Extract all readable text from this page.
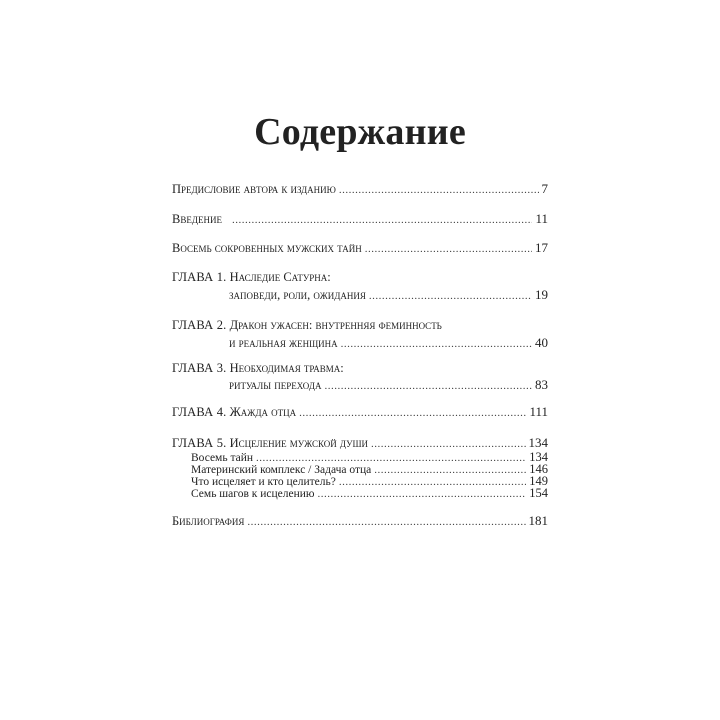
Содержание
Предисловие автора к изданию .....	7
Введение .....	11
Восемь сокровенных мужских тайн .....	17
ГЛАВА 1.
Наследие Сатурна:
заповеди, роли, ожидания .....	19
ГЛАВА 2.
Дракон ужасен: внутренняя феминность
и реальная женщина .....	40
ГЛАВА 3.
Необходимая травма:
ритуалы перехода .....	83
ГЛАВА 4.
Жажда отца .....	111
ГЛАВА 5.
Исцеление мужской души .....	134
Восемь тайн .....	134
Материнский комплекс / Задача отца .....	146
Что исцеляет и кто целитель? .....	149
Семь шагов к исцелению .....	154
Библиография .....	181
